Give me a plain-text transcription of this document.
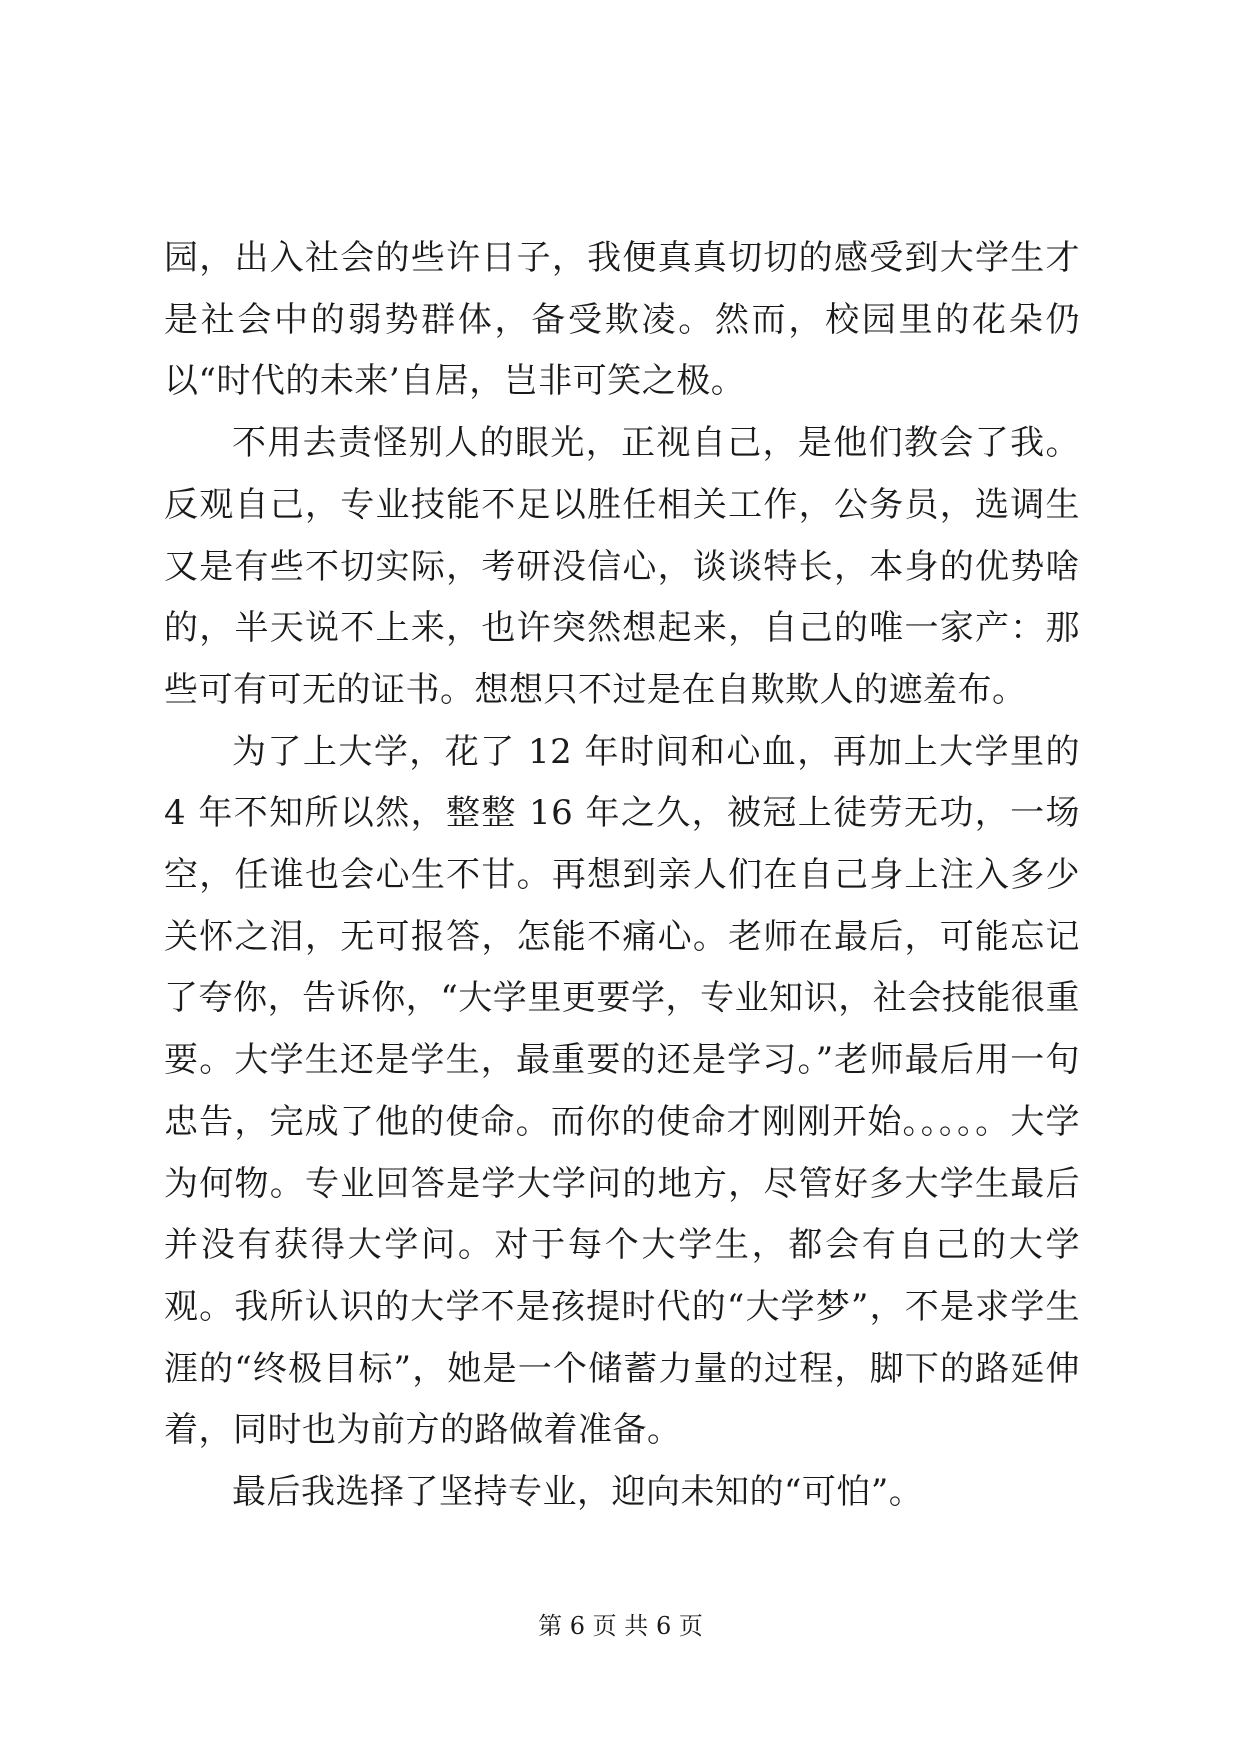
园，出入社会的些许日子，我便真真切切的感受到大学生才是社会中的弱势群体，备受欺凌。然而，校园里的花朵仍以“时代的未来’自居，岂非可笑之极。

不用去责怪别人的眼光，正视自己，是他们教会了我。反观自己，专业技能不足以胜任相关工作，公务员，选调生又是有些不切实际，考研没信心，谈谈特长，本身的优势啥的，半天说不上来，也许突然想起来，自己的唯一家产：那些可有可无的证书。想想只不过是在自欺欺人的遮羞布。

为了上大学，花了 12 年时间和心血，再加上大学里的 4 年不知所以然，整整 16 年之久，被冠上徒劳无功，一场空，任谁也会心生不甘。再想到亲人们在自己身上注入多少关怀之泪，无可报答，怎能不痛心。老师在最后，可能忘记了夸你，告诉你，“大学里更要学，专业知识，社会技能很重要。大学生还是学生，最重要的还是学习。”老师最后用一句忠告，完成了他的使命。而你的使命才刚刚开始。。。。。大学为何物。专业回答是学大学问的地方，尽管好多大学生最后并没有获得大学问。对于每个大学生，都会有自己的大学观。我所认识的大学不是孩提时代的“大学梦”，不是求学生涯的“终极目标”，她是一个储蓄力量的过程，脚下的路延伸着，同时也为前方的路做着准备。

最后我选择了坚持专业，迎向未知的“可怕”。

第 6 页 共 6 页
